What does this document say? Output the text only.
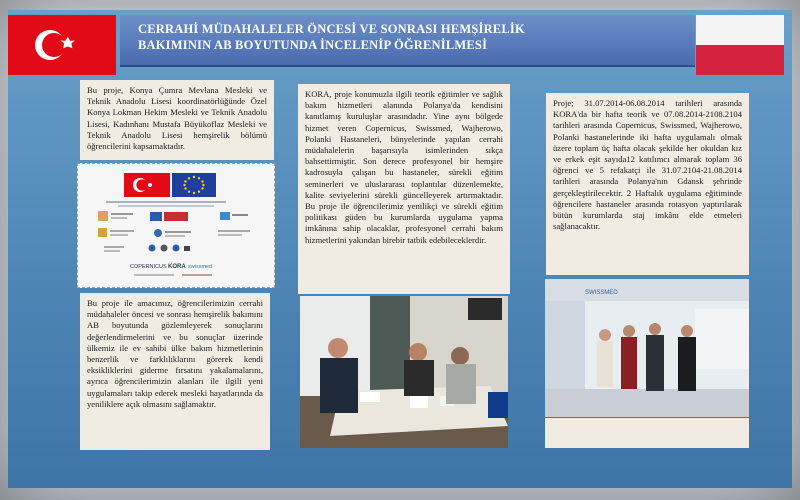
CERRAHİ MÜDAHALELER ÖNCESİ VE SONRASI HEMŞİRELİK
BAKIMININ AB BOYUTUNDA İNCELENİP ÖĞRENİLMESİ
Bu proje, Konya Çumra Mevlana Mesleki ve Teknik Anadolu Lisesi koordinatörlüğünde Özel Konya Lokman Hekim Mesleki ve Teknik Anadolu Lisesi, Kadınhanı Mustafa Büyükoflaz Mesleki ve Teknik Anadolu Lisesi hemşirelik bölümü öğrencilerini kapsamaktadır.
COPERNICUS KORA swissmed
Bu proje ile amacımız, öğrencilerimizin cerrahi müdahaleler öncesi ve sonrası hemşirelik bakımını AB boyutunda gözlemleyerek sonuçlarını değerlendirmelerini ve bu sonuçlar üzerinde ülkemiz ile ev sahibi ülke bakım hizmetlerinin benzerlik ve farklılıklarını görerek kendi eksikliklerini giderme fırsatını yakalamalarını, ayrıca öğrencilerimizin alanları ile ilgili yeni uygulamaları takip ederek mesleki hayatlarında da yeniliklere açık olmasını sağlamaktır.
KORA, proje konumuzla ilgili teorik eğitimler ve sağlık bakım hizmetleri alanında Polanya'da kendisini kanıtlamış kuruluşlar arasındadır. Yine aynı bölgede hizmet veren Copernicus, Swissmed, Wajherowo, Polanki Hastaneleri, bünyelerinde yapılan cerrahi müdahalelerin başarısıyla isimlerinden sıkça bahsettirmiştir. Son derece profesyonel bir hemşire kadrosuyla çalışan bu hastaneler, sürekli eğitim seminerleri ve uluslararası toplantılar düzenlemekte, kalite seviyelerini sürekli güncelleyerek artırmaktadır. Bu proje ile öğrencilerimiz yenilikçi ve sürekli eğitim politikası güden bu kurumlarda uygulama yapma imkânına sahip olacaklar, profesyonel cerrahi bakım hizmetlerini yakından birebir tatbik edebileceklerdir.
Proje; 31.07.2014-06.08.2014 tarihleri arasında KORA'da bir hafta teorik ve 07.08.2014-2108.2104 tarihleri arasında Copernicus, Swissmed, Wajherowo, Polanki hastanelerinde iki hafta uygulamalı olmak üzere toplam üç hafta olacak şekilde her okuldan kız ve erkek eşit sayıda12 katılımcı almarak toplam 36 öğrenci ve 5 refakatçi ile 31.07.2104-21.08.2014 tarihleri arasında Polanya'nın Gdansk şehrinde gerçekleştirilecektir. 2 Haftalık uygulama eğitiminde öğrencilere hastaneler arasında rotasyon yaptırılarak bütün kurumlarda staj imkânı elde etmeleri sağlanacaktır.
SWISSMED
